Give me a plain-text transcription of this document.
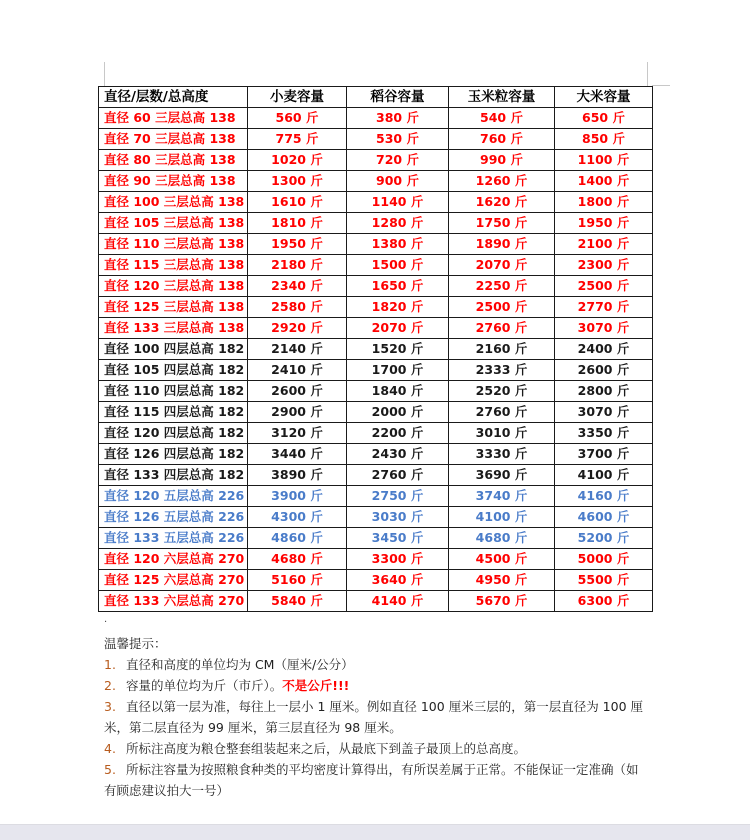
直径/层数/总高度	小麦容量	稻谷容量	玉米粒容量	大米容量
直径 60 三层总高 138	560 斤	380 斤	540 斤	650 斤
直径 70 三层总高 138	775 斤	530 斤	760 斤	850 斤
直径 80 三层总高 138	1020 斤	720 斤	990 斤	1100 斤
直径 90 三层总高 138	1300 斤	900 斤	1260 斤	1400 斤
直径 100 三层总高 138	1610 斤	1140 斤	1620 斤	1800 斤
直径 105 三层总高 138	1810 斤	1280 斤	1750 斤	1950 斤
直径 110 三层总高 138	1950 斤	1380 斤	1890 斤	2100 斤
直径 115 三层总高 138	2180 斤	1500 斤	2070 斤	2300 斤
直径 120 三层总高 138	2340 斤	1650 斤	2250 斤	2500 斤
直径 125 三层总高 138	2580 斤	1820 斤	2500 斤	2770 斤
直径 133 三层总高 138	2920 斤	2070 斤	2760 斤	3070 斤
直径 100 四层总高 182	2140 斤	1520 斤	2160 斤	2400 斤
直径 105 四层总高 182	2410 斤	1700 斤	2333 斤	2600 斤
直径 110 四层总高 182	2600 斤	1840 斤	2520 斤	2800 斤
直径 115 四层总高 182	2900 斤	2000 斤	2760 斤	3070 斤
直径 120 四层总高 182	3120 斤	2200 斤	3010 斤	3350 斤
直径 126 四层总高 182	3440 斤	2430 斤	3330 斤	3700 斤
直径 133 四层总高 182	3890 斤	2760 斤	3690 斤	4100 斤
直径 120 五层总高 226	3900 斤	2750 斤	3740 斤	4160 斤
直径 126 五层总高 226	4300 斤	3030 斤	4100 斤	4600 斤
直径 133 五层总高 226	4860 斤	3450 斤	4680 斤	5200 斤
直径 120 六层总高 270	4680 斤	3300 斤	4500 斤	5000 斤
直径 125 六层总高 270	5160 斤	3640 斤	4950 斤	5500 斤
直径 133 六层总高 270	5840 斤	4140 斤	5670 斤	6300 斤
.

温馨提示：

1. 直径和高度的单位均为 CM（厘米/公分）

2. 容量的单位均为斤（市斤）。不是公斤!!!

3. 直径以第一层为准，每往上一层小 1 厘米。例如直径 100 厘米三层的，第一层直径为 100 厘米，第二层直径为 99 厘米，第三层直径为 98 厘米。

4. 所标注高度为粮仓整套组装起来之后，从最底下到盖子最顶上的总高度。

5. 所标注容量为按照粮食种类的平均密度计算得出，有所误差属于正常。不能保证一定准确（如有顾虑建议拍大一号）
